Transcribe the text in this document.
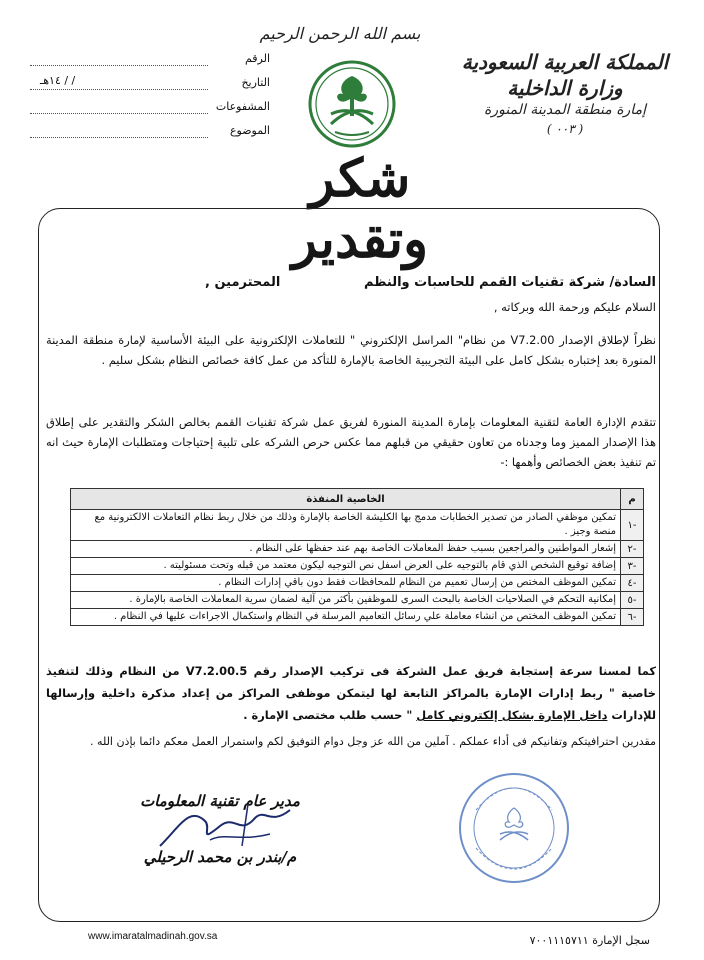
بسم الله الرحمن الرحيم
الرقم
التاريخ
/ / ١٤هـ
المشفوعات
الموضوع
المملكة العربية السعودية
وزارة الداخلية
إمارة منطقة المدينة المنورة
( ٠٠٣ )
شكر وتقدير
السادة/ شركة تقنيات القمم للحاسبات والنظم
المحترمين ,
السلام عليكم ورحمة الله وبركاته ,
نظراً لإطلاق الإصدار V7.2.00 من نظام" المراسل الإلكتروني " للتعاملات الإلكترونية على البيئة الأساسية لإمارة منطقة المدينة المنورة بعد إختباره بشكل كامل على البيئة التجريبية الخاصة بالإمارة للتأكد من عمل كافة خصائص النظام بشكل سليم .
تتقدم الإدارة العامة لتقنية المعلومات بإمارة المدينة المنورة لفريق عمل شركة تقنيات القمم بخالص الشكر والتقدير على إطلاق هذا الإصدار المميز وما وجدناه من تعاون حقيقي من قبلهم مما عكس حرص الشركه على تلبية إحتياجات ومتطلبات الإمارة حيث انه تم تنفيذ بعض الخصائص وأهمها :-
م	الخاصية المنفذة
-١	تمكين موظفي الصادر من تصدير الخطابات مدمج بها الكليشة الخاصة بالإمارة وذلك من خلال ربط نظام التعاملات الالكترونية مع منصة وجيز .
-٢	إشعار المواطنين والمراجعين بسبب حفظ المعاملات الخاصة بهم عند حفظها على النظام .
-٣	إضافة توقيع الشخص الذي قام بالتوجيه على العرض اسفل نص التوجيه ليكون معتمد من قبله وتحت مسئوليته .
-٤	تمكين الموظف المختص من إرسال تعميم من النظام للمحافظات فقط دون باقي إدارات النظام .
-٥	إمكانية التحكم في الصلاحيات الخاصة بالبحث السرى للموظفين بأكثر من آلية لضمان سرية المعاملات الخاصة بالإمارة .
-٦	تمكين الموظف المختص من انشاء معاملة علي رسائل التعاميم المرسلة في النظام واستكمال الاجراءات عليها في النظام .
كما لمسنا سرعة إستجابة فريق عمل الشركة فى تركيب الإصدار رقم V7.2.00.5 من النظام وذلك لتنفيذ خاصية " ربط إدارات الإمارة بالمراكز التابعة لها ليتمكن موظفى المراكز من إعداد مذكرة داخلية وإرسالها للإدارات داخل الإمارة بشكل إلكتروني كامل " حسب طلب مختصى الإمارة .
مقدرين احترافيتكم وتفانيكم فى أداء عملكم . آملين من الله عز وجل دوام التوفيق لكم واستمرار العمل معكم دائما بإذن الله .
مدير عام تقنية المعلومات
م/بندر بن محمد الرحيلي
www.imaratalmadinah.gov.sa	سجل الإمارة ٧٠٠١١١٥٧١١
